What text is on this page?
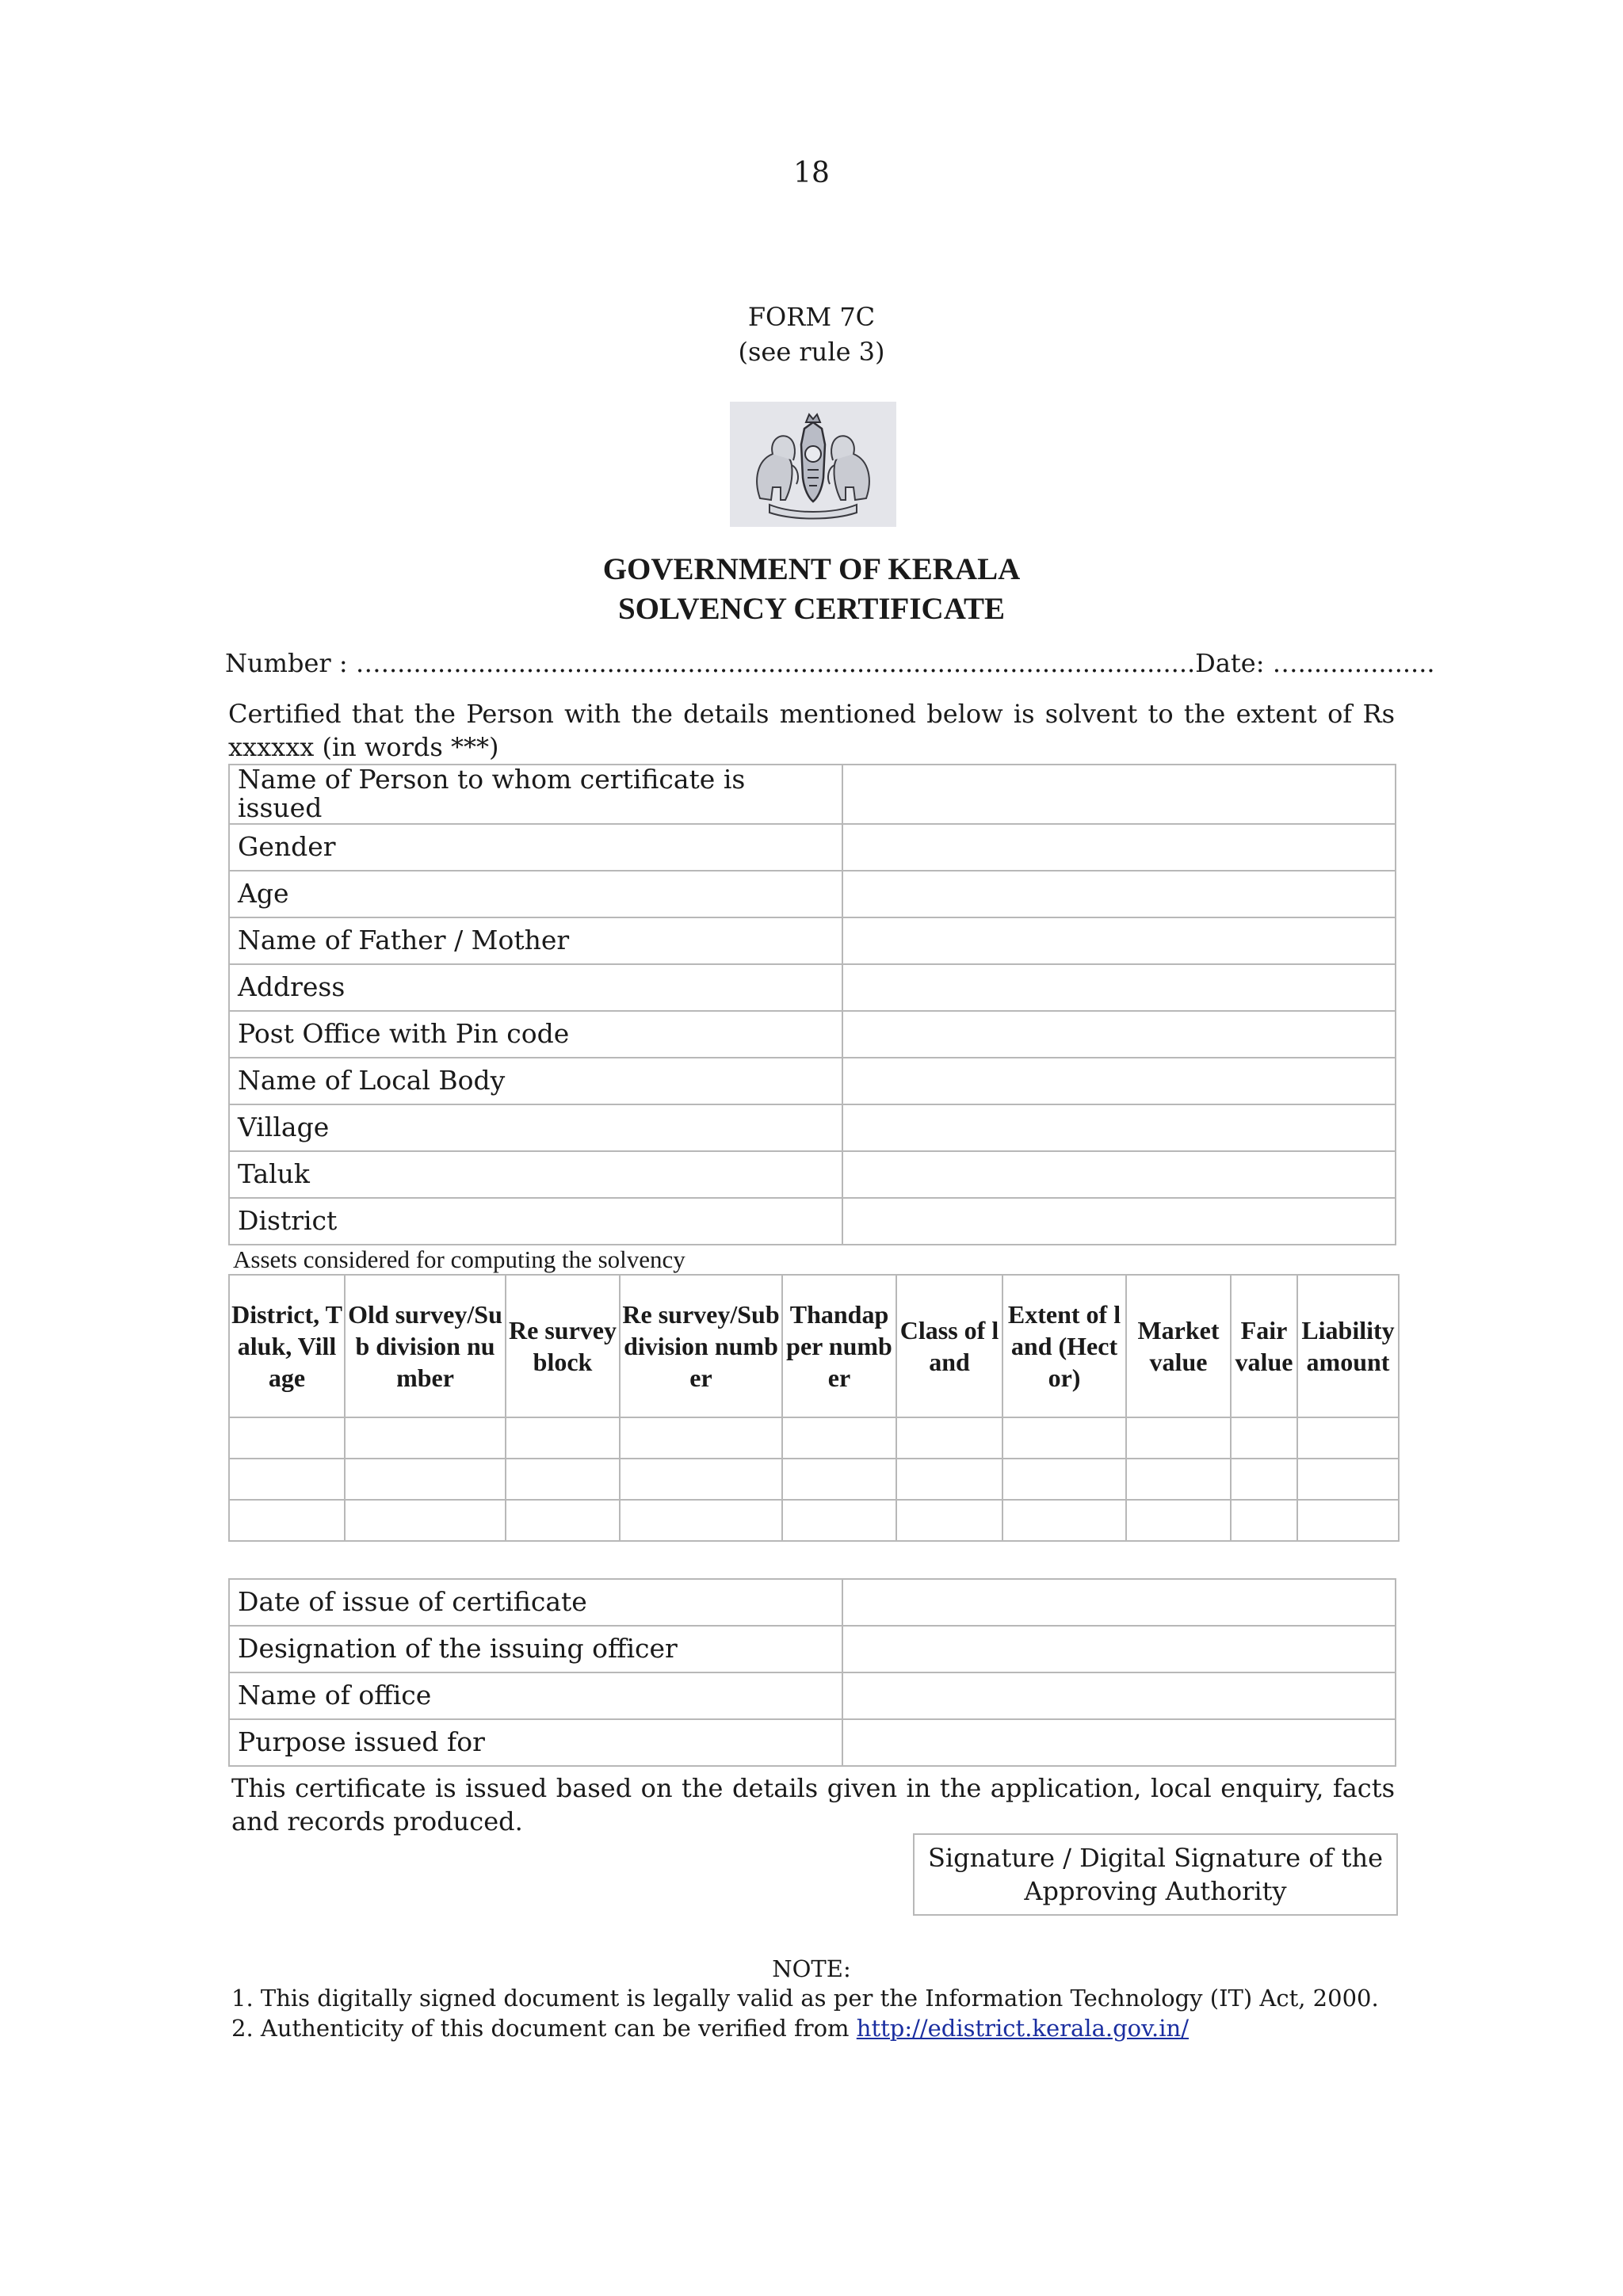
18
FORM 7C
(see rule 3)
GOVERNMENT OF KERALA
SOLVENCY CERTIFICATE
Number : ….....................................................................................................Date: ….................
Certified that the Person with the details mentioned below is solvent to the extent of Rs xxxxxx (in words ***)
Name of Person to whom certificate is issued	
Gender	
Age	
Name of Father / Mother	
Address	
Post Office with Pin code	
Name of Local Body	
Village	
Taluk	
District	
Assets considered for computing the solvency
District, Taluk, Village	Old survey/Sub division number	Re survey block	Re survey/Sub division number	Thandapper number	Class of land	Extent of land (Hector)	Market value	Fair value	Liability amount

Date of issue of certificate	
Designation of the issuing officer	
Name of office	
Purpose issued for	
This certificate is issued based on the details given in the application, local enquiry, facts and records produced.
Signature / Digital Signature of the
Approving Authority
NOTE:
1. This digitally signed document is legally valid as per the Information Technology (IT) Act, 2000.
2. Authenticity of this document can be verified from http://edistrict.kerala.gov.in/
